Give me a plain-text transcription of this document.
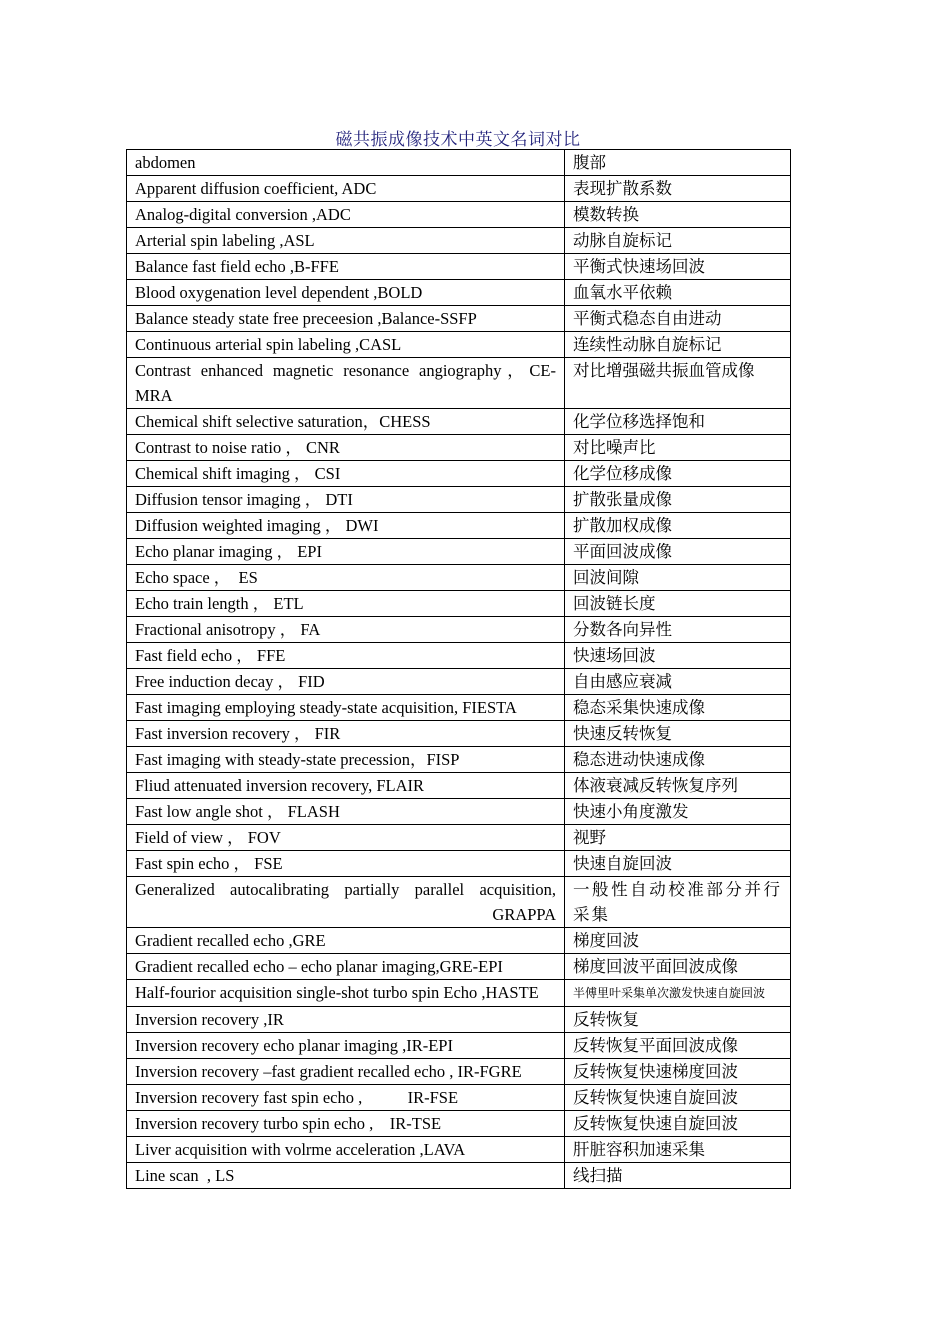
磁共振成像技术中英文名词对比
abdomen	腹部
Apparent diffusion coefficient, ADC	表现扩散系数
Analog-digital conversion ,ADC	模数转换
Arterial spin labeling ,ASL	动脉自旋标记
Balance fast field echo ,B-FFE	平衡式快速场回波
Blood oxygenation level dependent ,BOLD	血氧水平依赖
Balance steady state free preceesion ,Balance-SSFP	平衡式稳态自由进动
Continuous arterial spin labeling ,CASL	连续性动脉自旋标记
Contrast enhanced magnetic resonance angiography，CE-MRA	对比增强磁共振血管成像
Chemical shift selective saturation，CHESS	化学位移选择饱和
Contrast to noise ratio ， CNR	对比噪声比
Chemical shift imaging ， CSI	化学位移成像
Diffusion tensor imaging ， DTI	扩散张量成像
Diffusion weighted imaging ， DWI	扩散加权成像
Echo planar imaging ， EPI	平面回波成像
Echo space ，  ES	回波间隙
Echo train length ， ETL	回波链长度
Fractional anisotropy ， FA	分数各向异性
Fast field echo ， FFE	快速场回波
Free induction decay ， FID	自由感应衰减
Fast imaging employing steady-state acquisition, FIESTA	稳态采集快速成像
Fast inversion recovery ， FIR	快速反转恢复
Fast imaging with steady-state precession，FISP	稳态进动快速成像
Fliud attenuated inversion recovery, FLAIR	体液衰减反转恢复序列
Fast low angle shot ， FLASH	快速小角度激发
Field of view ， FOV	视野
Fast spin echo ， FSE	快速自旋回波
Generalized autocalibrating partially parallel acquisition, GRAPPA	一般性自动校准部分并行采集
Gradient recalled echo ,GRE	梯度回波
Gradient recalled echo – echo planar imaging,GRE-EPI	梯度回波平面回波成像
Half-fourior acquisition single-shot turbo spin Echo ,HASTE	半傅里叶采集单次激发快速自旋回波
Inversion recovery ,IR	反转恢复
Inversion recovery echo planar imaging ,IR-EPI	反转恢复平面回波成像
Inversion recovery –fast gradient recalled echo , IR-FGRE	反转恢复快速梯度回波
Inversion recovery fast spin echo ,           IR-FSE	反转恢复快速自旋回波
Inversion recovery turbo spin echo ,    IR-TSE	反转恢复快速自旋回波
Liver acquisition with volrme acceleration ,LAVA	肝脏容积加速采集
Line scan  , LS	线扫描
